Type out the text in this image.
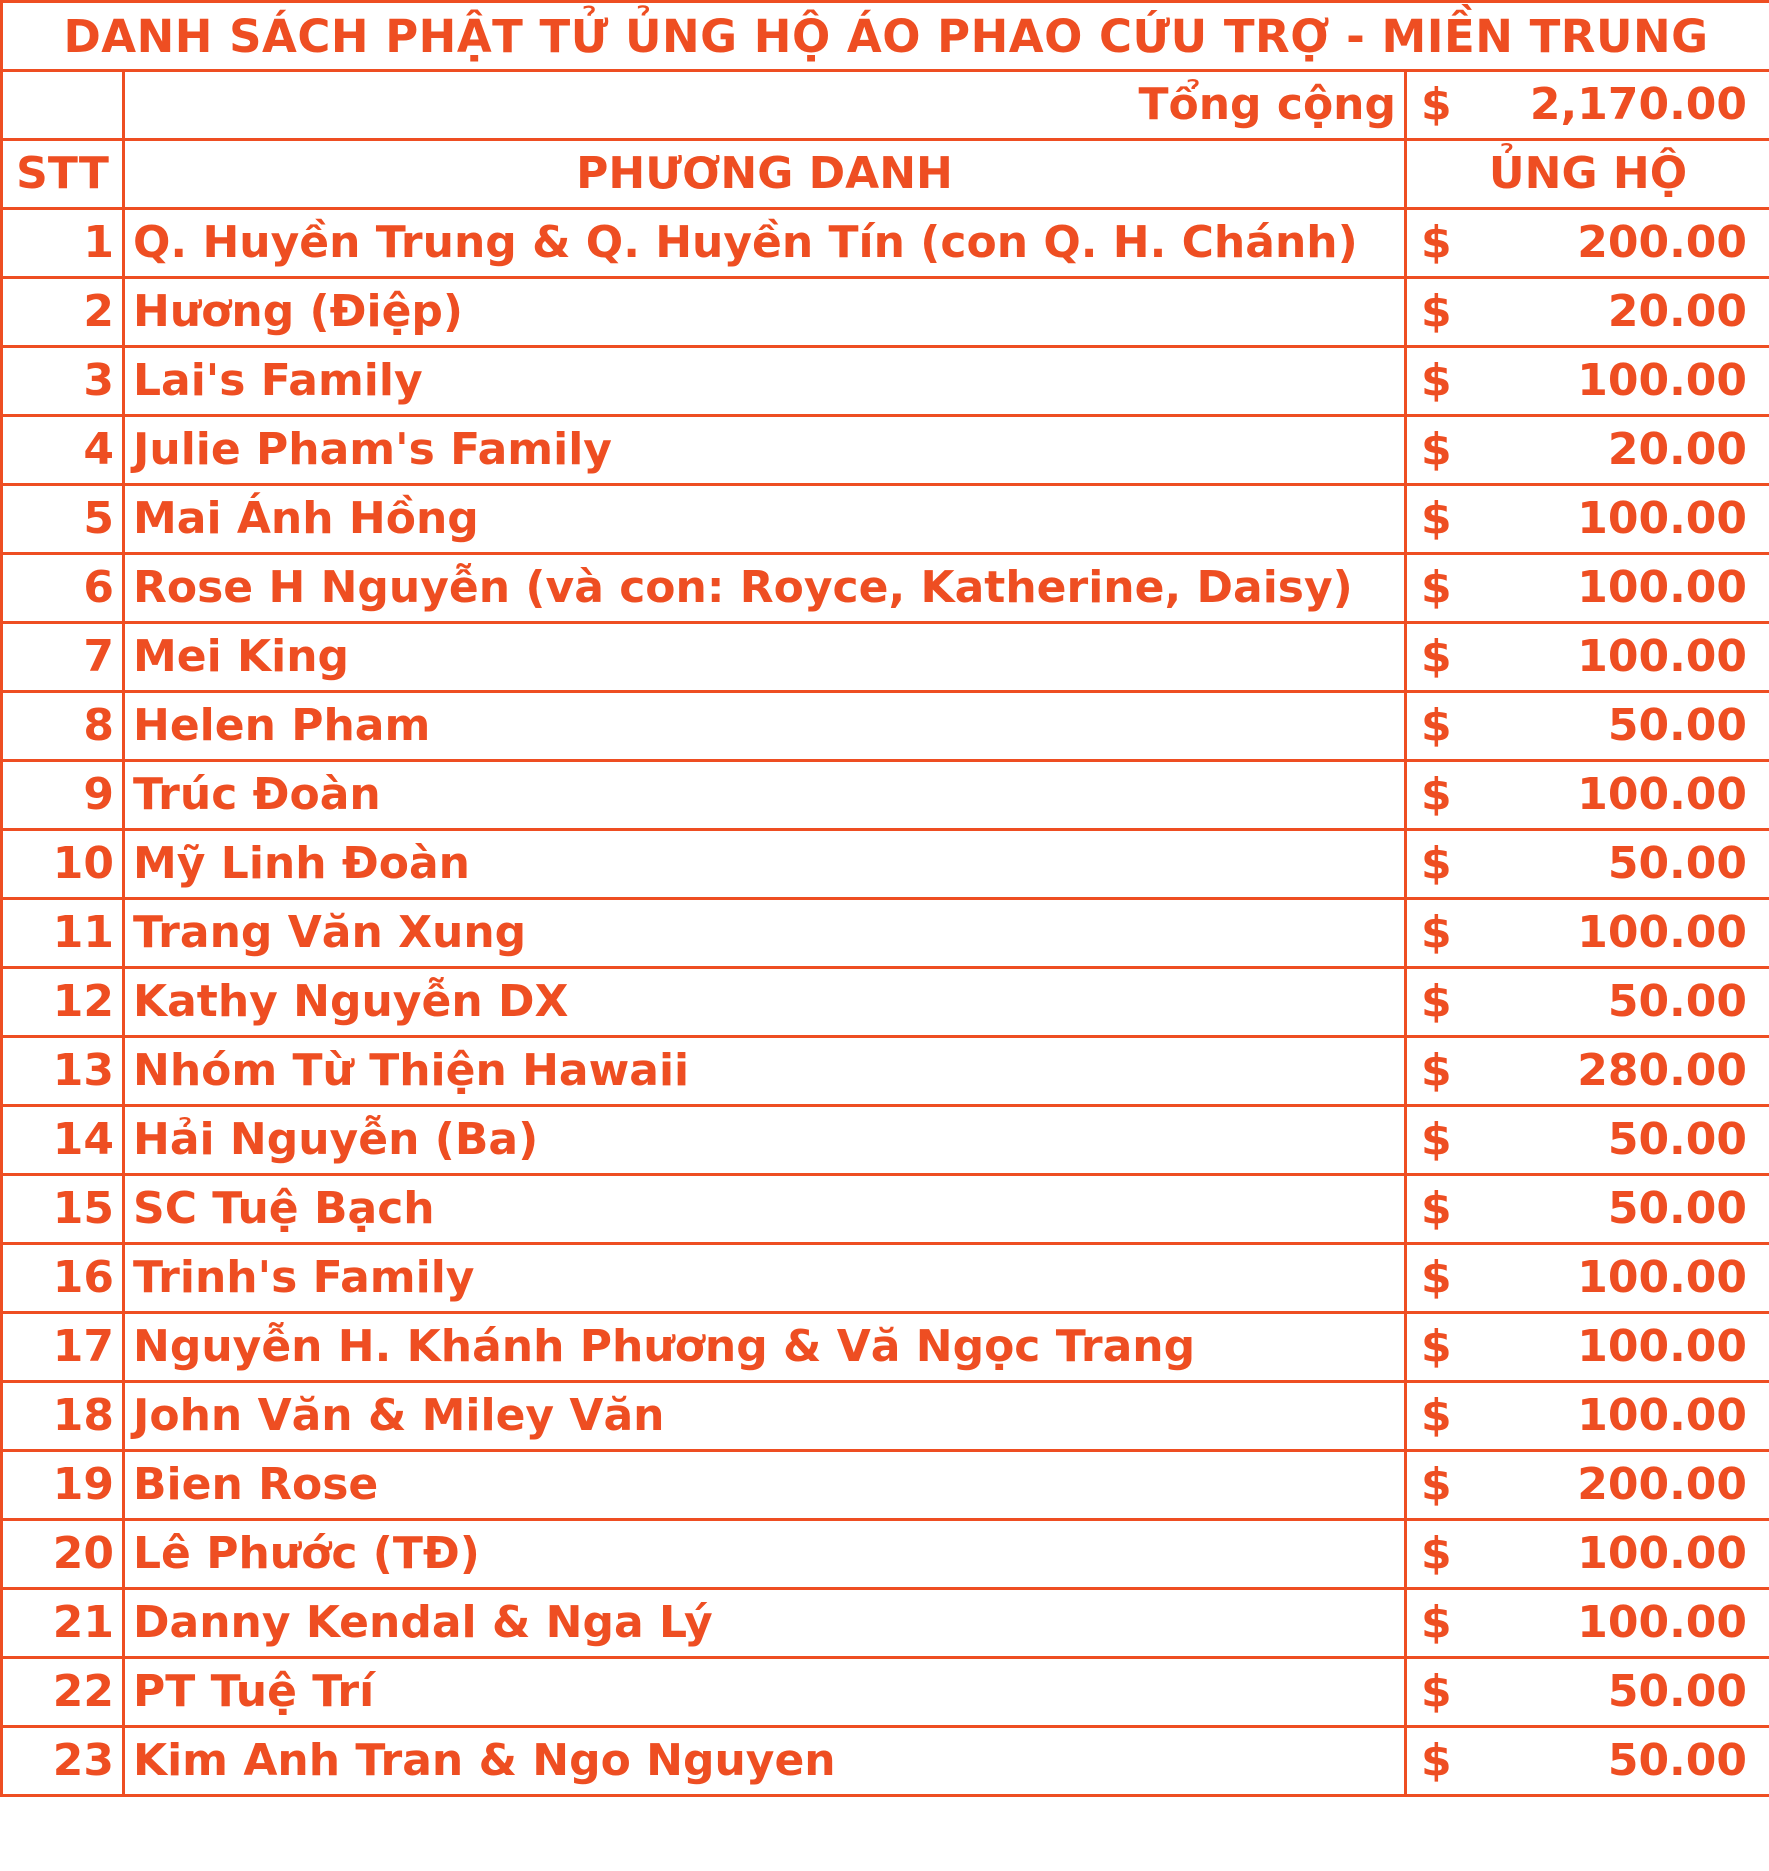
DANH SÁCH PHẬT TỬ ỦNG HỘ ÁO PHAO CỨU TRỢ - MIỀN TRUNG		
	Tổng cộng	$ 2,170.00

STT	PHƯƠNG DANH	ỦNG HỘ
1	Q. Huyền Trung & Q. Huyền Tín (con Q. H. Chánh)	$ 200.00

2	Hương (Điệp)	$ 20.00

3	Lai's Family	$ 100.00

4	Julie Pham's Family	$ 20.00

5	Mai Ánh Hồng	$ 100.00

6	Rose H Nguyễn (và con: Royce, Katherine, Daisy)	$ 100.00

7	Mei King	$ 100.00

8	Helen Pham	$ 50.00

9	Trúc Đoàn	$ 100.00

10	Mỹ Linh Đoàn	$ 50.00

11	Trang Văn Xung	$ 100.00

12	Kathy Nguyễn DX	$ 50.00

13	Nhóm Từ Thiện Hawaii	$ 280.00

14	Hải Nguyễn (Ba)	$ 50.00

15	SC Tuệ Bạch	$ 50.00

16	Trinh's Family	$ 100.00

17	Nguyễn H. Khánh Phương & Vă Ngọc Trang	$ 100.00

18	John Văn & Miley Văn	$ 100.00

19	Bien Rose	$ 200.00

20	Lê Phước (TĐ)	$ 100.00

21	Danny Kendal & Nga Lý	$ 100.00

22	PT Tuệ Trí	$ 50.00

23	Kim Anh Tran & Ngo Nguyen	$ 50.00
